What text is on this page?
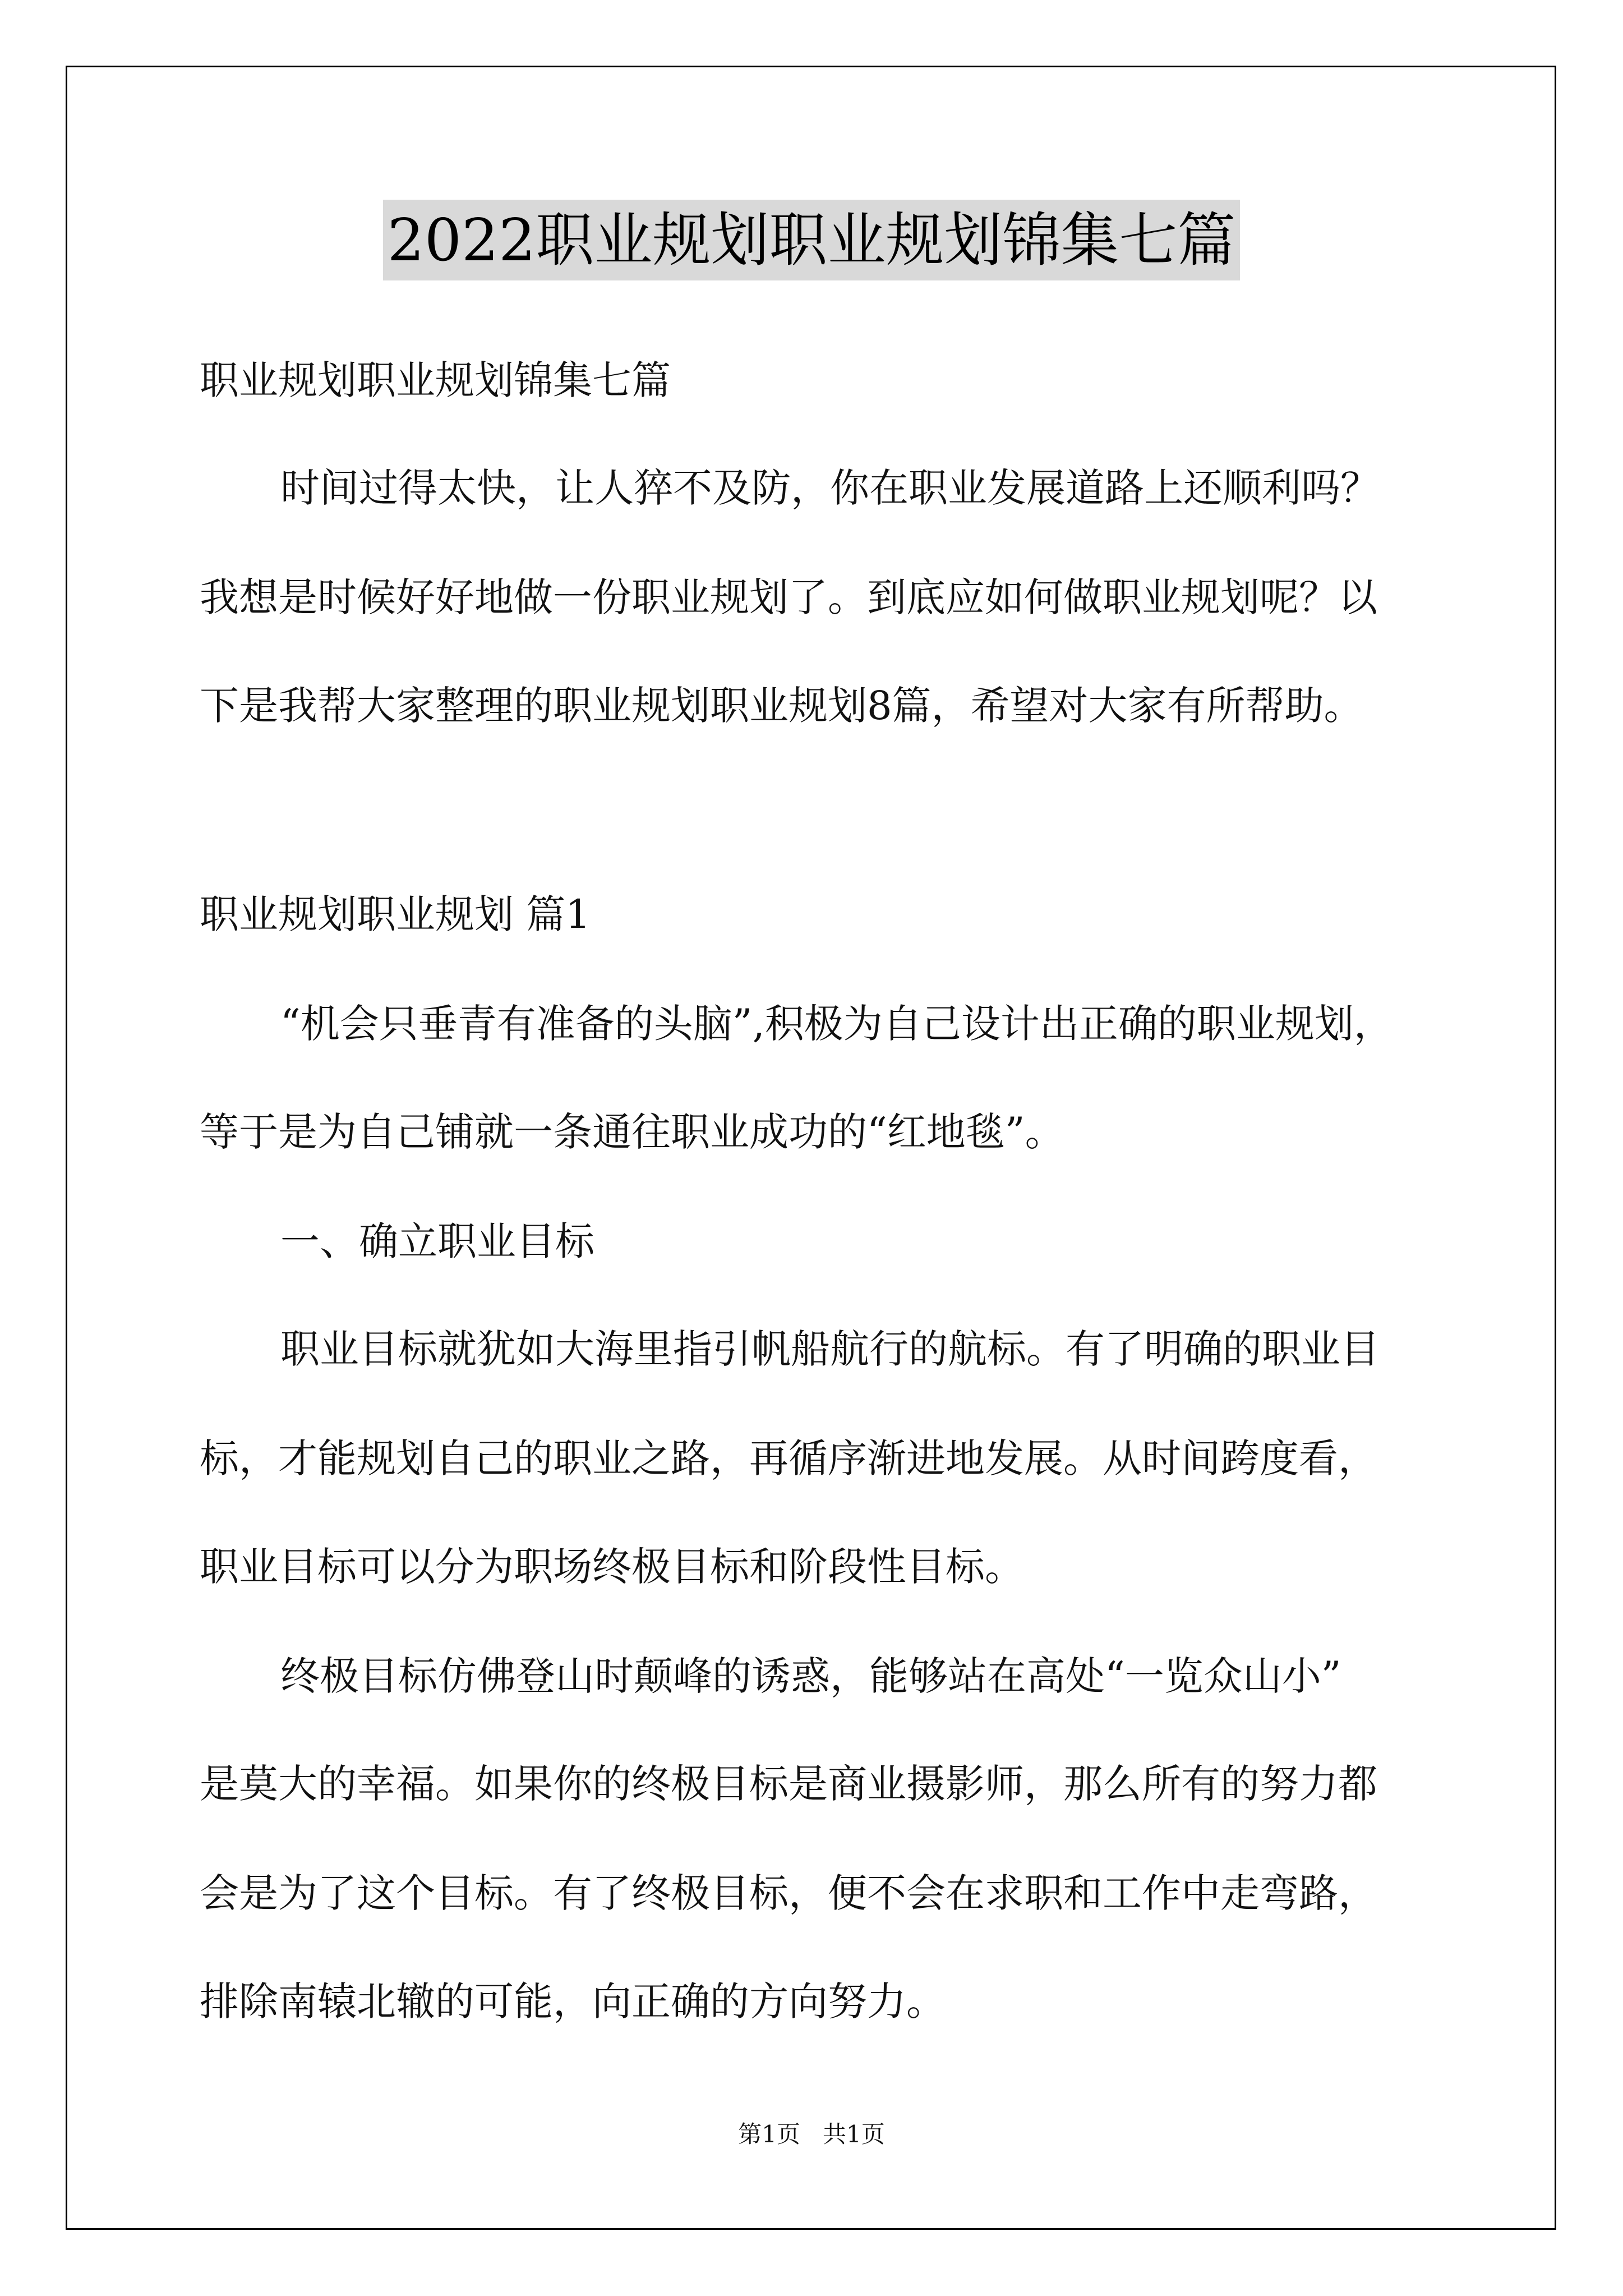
2022职业规划职业规划锦集七篇
职业规划职业规划锦集七篇
时间过得太快，让人猝不及防，你在职业发展道路上还顺利吗？
我想是时候好好地做一份职业规划了。到底应如何做职业规划呢？以
下是我帮大家整理的职业规划职业规划8篇，希望对大家有所帮助。
职业规划职业规划 篇1
“机会只垂青有准备的头脑”,积极为自己设计出正确的职业规划，
等于是为自己铺就一条通往职业成功的“红地毯”。
一、确立职业目标
职业目标就犹如大海里指引帆船航行的航标。有了明确的职业目
标，才能规划自己的职业之路，再循序渐进地发展。从时间跨度看，
职业目标可以分为职场终极目标和阶段性目标。
终极目标仿佛登山时颠峰的诱惑，能够站在高处“一览众山小”
是莫大的幸福。如果你的终极目标是商业摄影师，那么所有的努力都
会是为了这个目标。有了终极目标，便不会在求职和工作中走弯路，
排除南辕北辙的可能，向正确的方向努力。
第1页   共1页
